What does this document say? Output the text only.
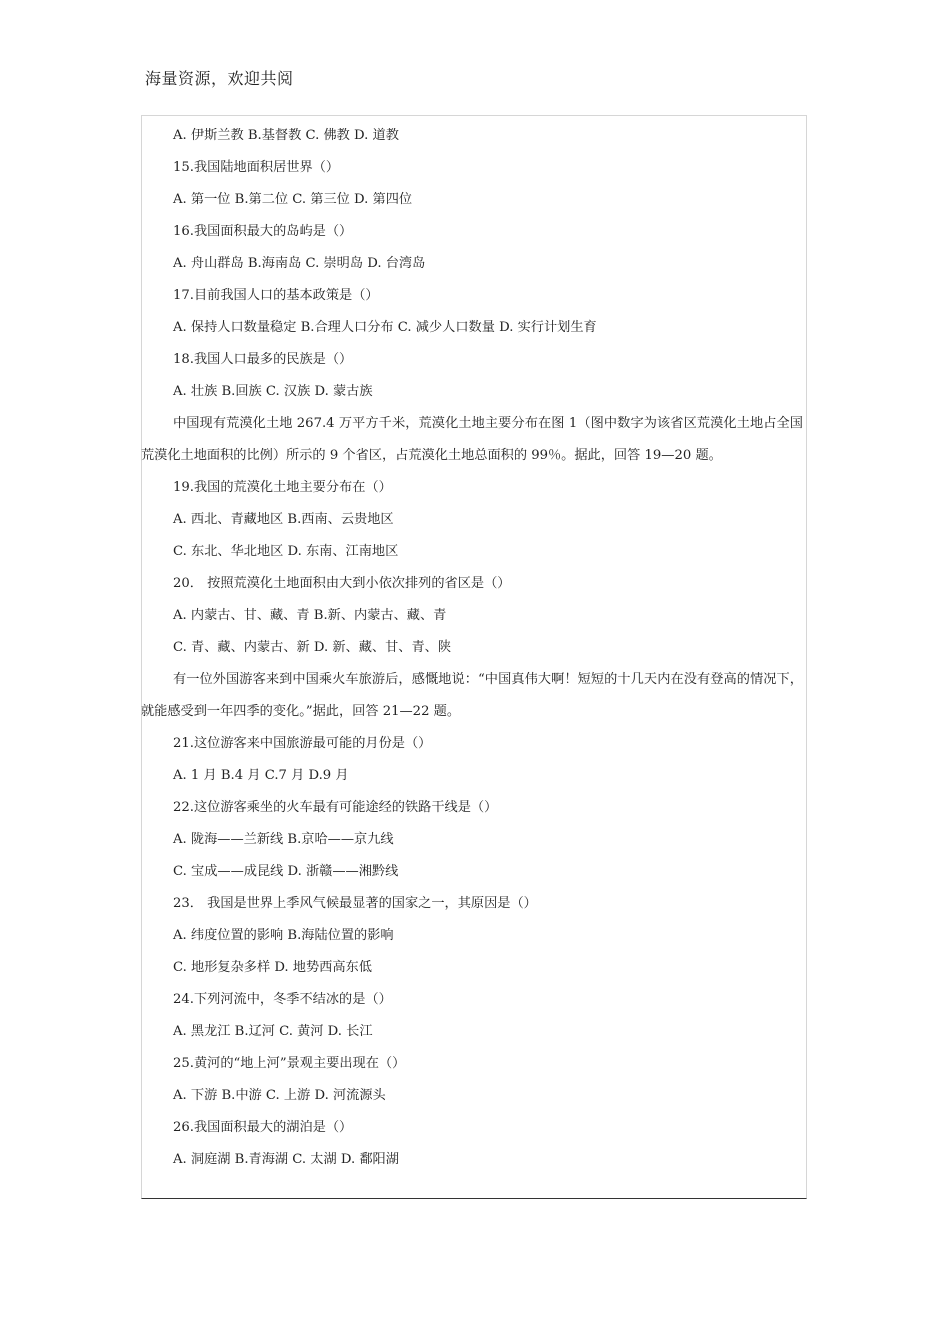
海量资源，欢迎共阅
A. 伊斯兰教 B.基督教 C. 佛教 D. 道教
15.我国陆地面积居世界（）
A. 第一位 B.第二位 C. 第三位 D. 第四位
16.我国面积最大的岛屿是（）
A. 舟山群岛 B.海南岛 C. 崇明岛 D. 台湾岛
17.目前我国人口的基本政策是（）
A. 保持人口数量稳定 B.合理人口分布 C. 减少人口数量 D. 实行计划生育
18.我国人口最多的民族是（）
A. 壮族 B.回族 C. 汉族 D. 蒙古族
中国现有荒漠化土地 267.4 万平方千米，荒漠化土地主要分布在图 1（图中数字为该省区荒漠化土地占全国荒漠化土地面积的比例）所示的 9 个省区，占荒漠化土地总面积的 99％。据此，回答 19—20 题。
19.我国的荒漠化土地主要分布在（）
A. 西北、青藏地区 B.西南、云贵地区
C. 东北、华北地区 D. 东南、江南地区
20． 按照荒漠化土地面积由大到小依次排列的省区是（）
A. 内蒙古、甘、藏、青 B.新、内蒙古、藏、青
C. 青、藏、内蒙古、新 D. 新、藏、甘、青、陕
有一位外国游客来到中国乘火车旅游后，感慨地说：“中国真伟大啊！短短的十几天内在没有登高的情况下，就能感受到一年四季的变化。”据此，回答 21—22 题。
21.这位游客来中国旅游最可能的月份是（）
A. 1 月 B.4 月 C.7 月 D.9 月
22.这位游客乘坐的火车最有可能途经的铁路干线是（）
A. 陇海——兰新线 B.京哈——京九线
C. 宝成——成昆线 D. 浙赣——湘黔线
23． 我国是世界上季风气候最显著的国家之一，其原因是（）
A. 纬度位置的影响 B.海陆位置的影响
C. 地形复杂多样 D. 地势西高东低
24.下列河流中，冬季不结冰的是（）
A. 黑龙江 B.辽河 C. 黄河 D. 长江
25.黄河的“地上河”景观主要出现在（）
A. 下游 B.中游 C. 上游 D. 河流源头
26.我国面积最大的湖泊是（）
A. 洞庭湖 B.青海湖 C. 太湖 D. 鄱阳湖
